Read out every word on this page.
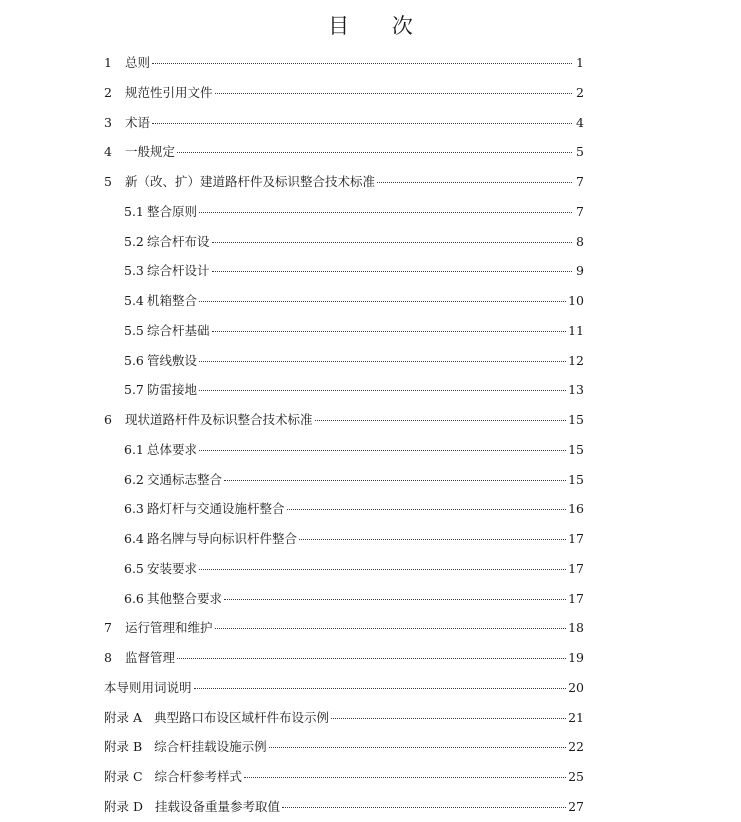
目 次
1	总则	1
2	规范性引用文件	2
3	术语	4
4	一般规定	5
5	新（改、扩）建道路杆件及标识整合技术标准	7
5.1 整合原则	7
5.2 综合杆布设	8
5.3 综合杆设计	9
5.4 机箱整合	10
5.5 综合杆基础	11
5.6 管线敷设	12
5.7 防雷接地	13
6	现状道路杆件及标识整合技术标准	15
6.1 总体要求	15
6.2 交通标志整合	15
6.3 路灯杆与交通设施杆整合	16
6.4 路名牌与导向标识杆件整合	17
6.5 安装要求	17
6.6 其他整合要求	17
7	运行管理和维护	18
8	监督管理	19
本导则用词说明	20
附录 A 典型路口布设区域杆件布设示例	21
附录 B 综合杆挂载设施示例	22
附录 C 综合杆参考样式	25
附录 D 挂载设备重量参考取值	27
